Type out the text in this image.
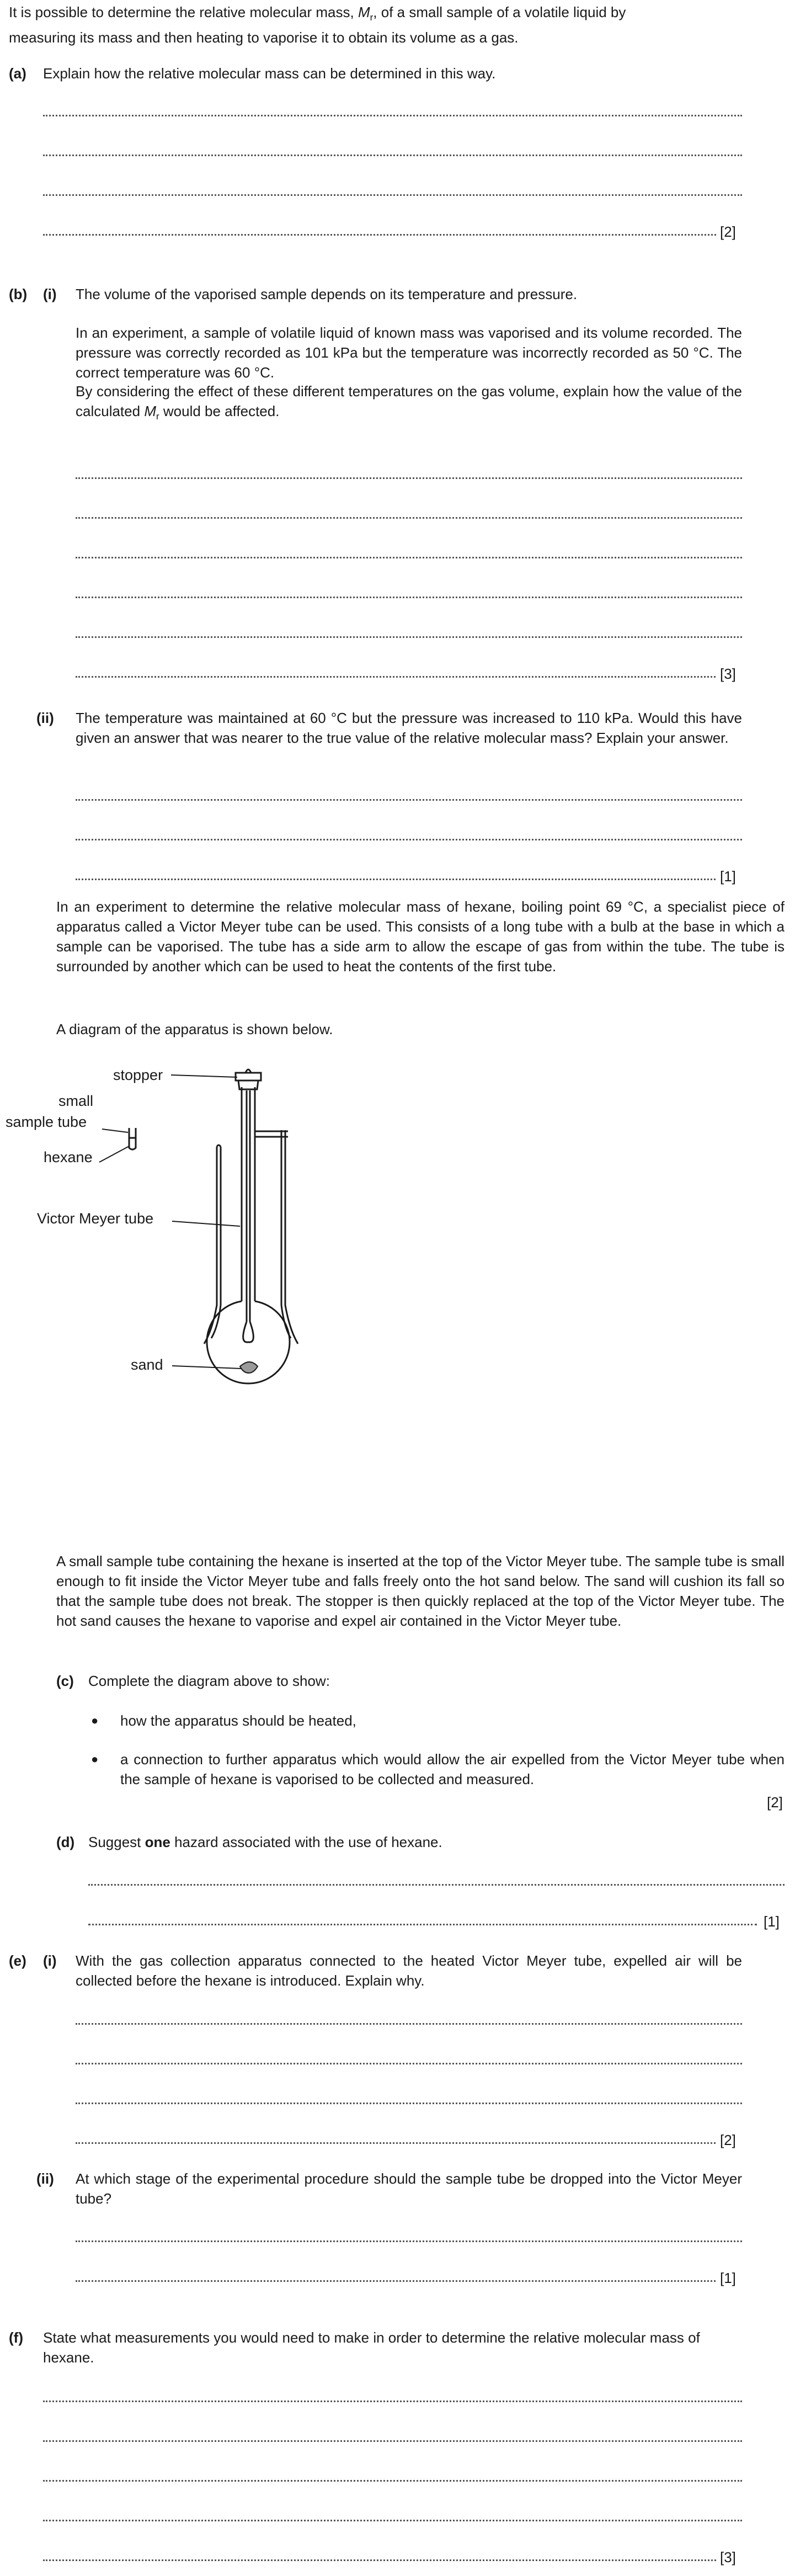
It is possible to determine the relative molecular mass, $M_r$, of a small sample of a volatile liquid by
measuring its mass and then heating to vaporise it to obtain its volume as a gas.
(a) Explain how the relative molecular mass can be determined in this way.
[2]
(b) (i) The volume of the vaporised sample depends on its temperature and pressure.
In an experiment, a sample of volatile liquid of known mass was vaporised and its volume recorded. The pressure was correctly recorded as 101 kPa but the temperature was incorrectly recorded as 50 °C. The correct temperature was 60 °C.
By considering the effect of these different temperatures on the gas volume, explain how the value of the calculated $M_r$ would be affected.
[3]
(ii) The temperature was maintained at 60 °C but the pressure was increased to 110 kPa. Would this have given an answer that was nearer to the true value of the relative molecular mass? Explain your answer.
[1]
In an experiment to determine the relative molecular mass of hexane, boiling point 69 °C, a specialist piece of apparatus called a Victor Meyer tube can be used. This consists of a long tube with a bulb at the base in which a sample can be vaporised. The tube has a side arm to allow the escape of gas from within the tube. The tube is surrounded by another which can be used to heat the contents of the first tube.
A diagram of the apparatus is shown below.
stopper
small
sample tube
hexane
Victor Meyer tube
sand
A small sample tube containing the hexane is inserted at the top of the Victor Meyer tube. The sample tube is small enough to fit inside the Victor Meyer tube and falls freely onto the hot sand below. The sand will cushion its fall so that the sample tube does not break. The stopper is then quickly replaced at the top of the Victor Meyer tube. The hot sand causes the hexane to vaporise and expel air contained in the Victor Meyer tube.
(c) Complete the diagram above to show:
● how the apparatus should be heated,
● a connection to further apparatus which would allow the air expelled from the Victor Meyer tube when the sample of hexane is vaporised to be collected and measured.
[2]
(d) Suggest one hazard associated with the use of hexane.
[1]
(e) (i) With the gas collection apparatus connected to the heated Victor Meyer tube, expelled air will be collected before the hexane is introduced. Explain why.
[2]
(ii) At which stage of the experimental procedure should the sample tube be dropped into the Victor Meyer tube?
[1]
(f) State what measurements you would need to make in order to determine the relative molecular mass of hexane.
[3]
